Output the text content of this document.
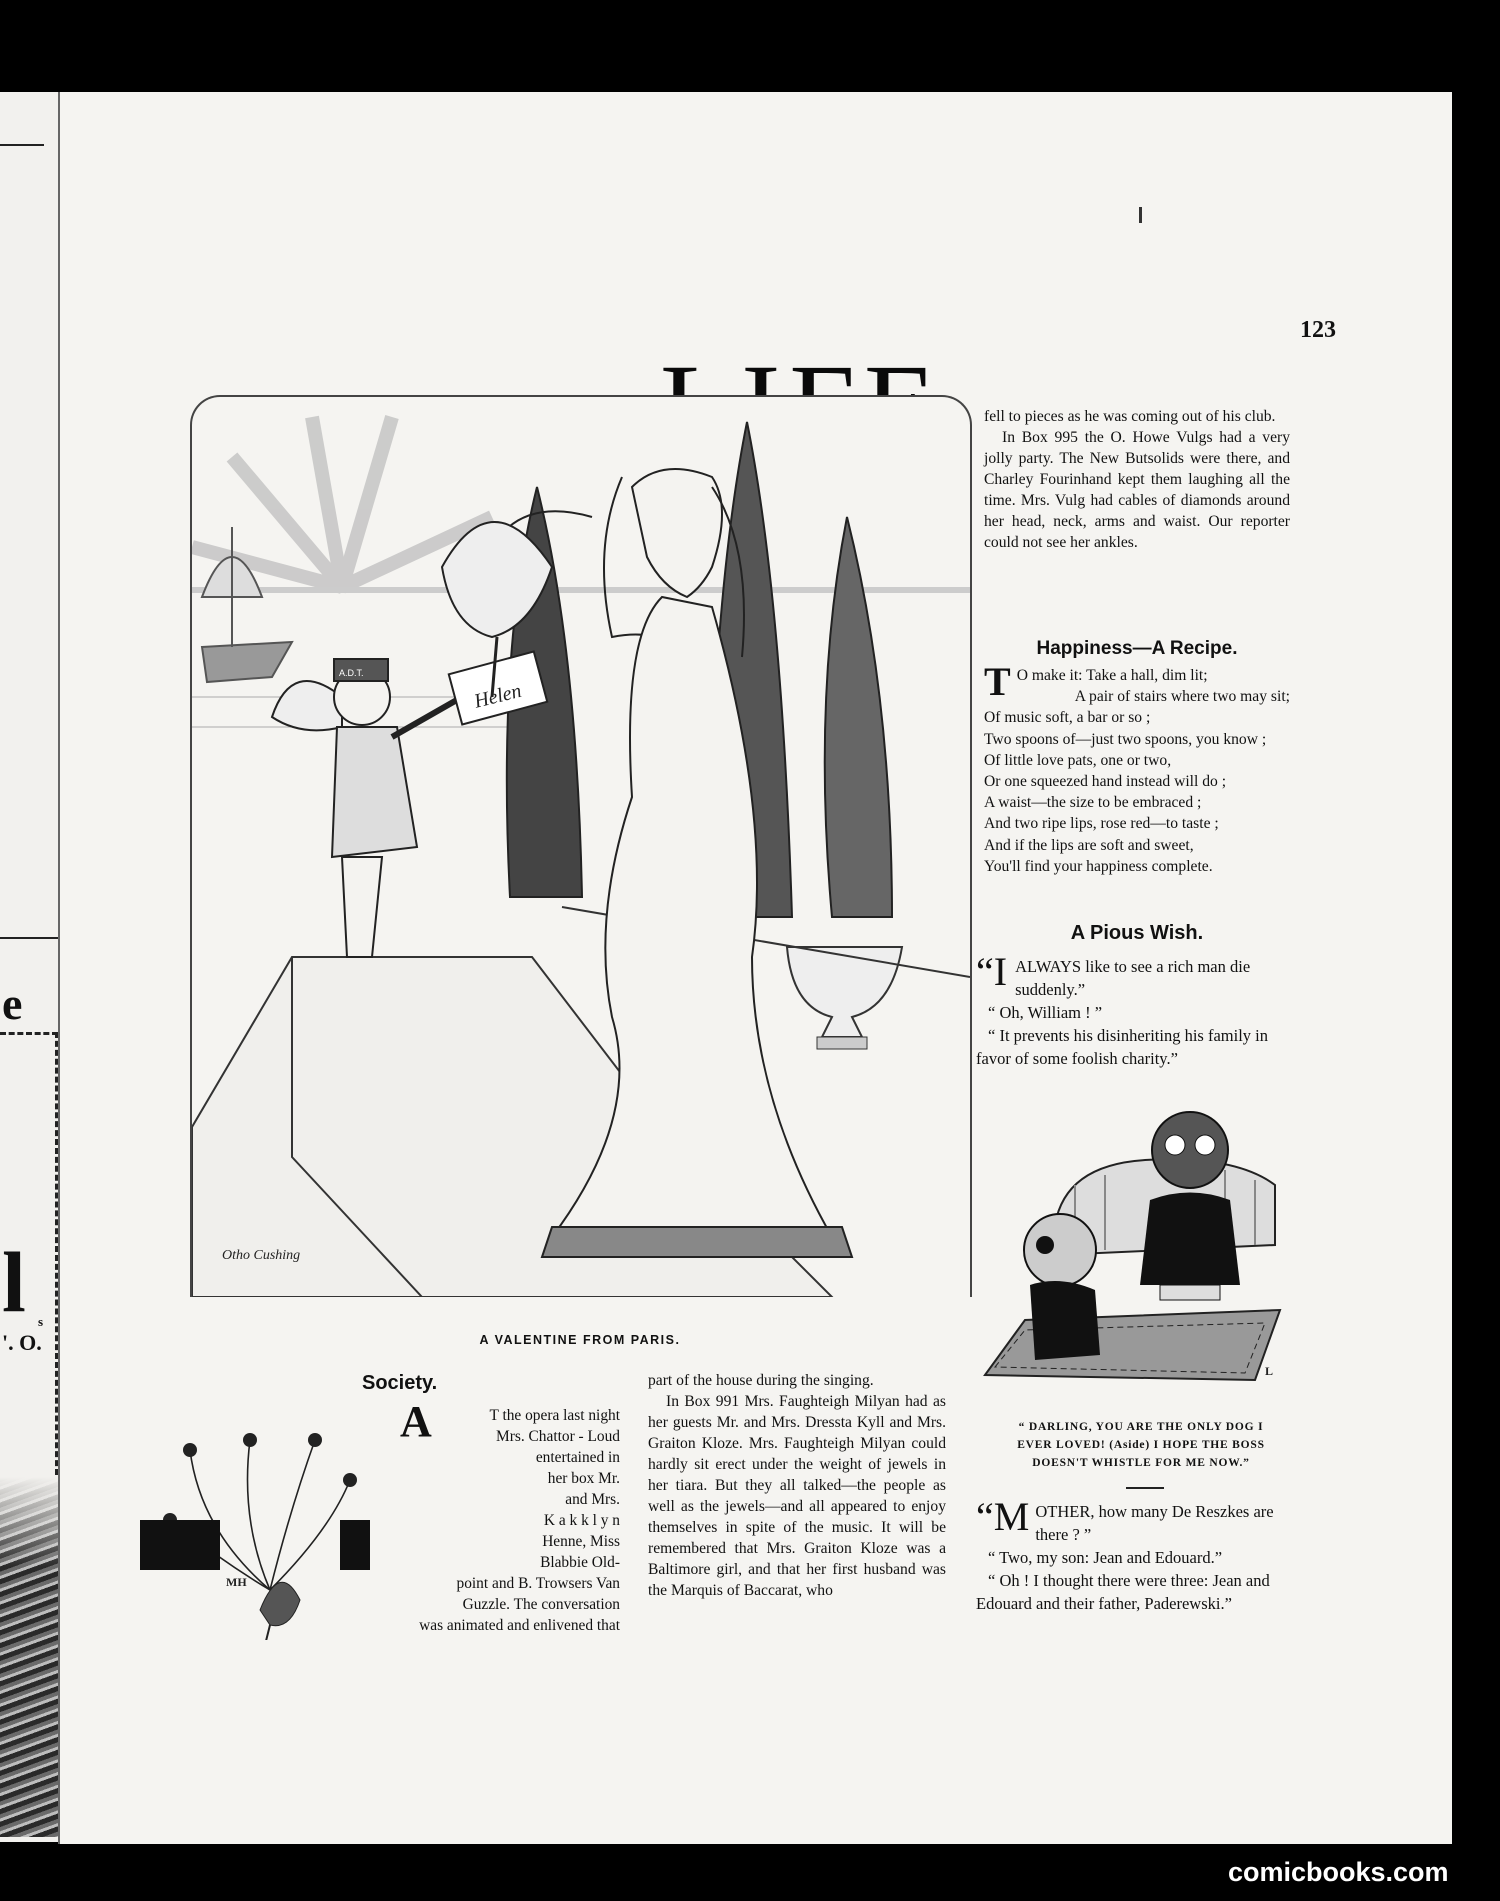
e
l s
'. O.
123
Helen
A.D.T.
Otho Cushing
A VALENTINE FROM PARIS.
Society.
MH
A	T the opera last night
Mrs. Chattor - Loud
entertained in
her box Mr.
and Mrs.
K a k k l y n
Henne, Miss
Blabbie Old-
point and B. Trowsers Van
Guzzle. The conversation
was animated and enlivened that

part of the house during the singing.

In Box 991 Mrs. Faughteigh Milyan had as her guests Mr. and Mrs. Dressta Kyll and Mrs. Graiton Kloze. Mrs. Faughteigh Milyan could hardly sit erect under the weight of jewels in her tiara. But they all talked—the people as well as the jewels—and all appeared to enjoy themselves in spite of the music. It will be remembered that Mrs. Graiton Kloze was a Baltimore girl, and that her first husband was the Marquis of Baccarat, who

fell to pieces as he was coming out of his club.

In Box 995 the O. Howe Vulgs had a very jolly party. The New Butsolids were there, and Charley Fourinhand kept them laughing all the time. Mrs. Vulg had cables of diamonds around her head, neck, arms and waist. Our reporter could not see her ankles.

Happiness—A Recipe.
T O make it: Take a hall, dim lit;

A pair of stairs where two may sit;

Of music soft, a bar or so ;

Two spoons of—just two spoons, you know ;

Of little love pats, one or two,

Or one squeezed hand instead will do ;

A waist—the size to be embraced ;

And two ripe lips, rose red—to taste ;

And if the lips are soft and sweet,

You'll find your happiness complete.

A Pious Wish.
“I ALWAYS like to see a rich man die suddenly.”

“ Oh, William ! ”

“ It prevents his disinheriting his family in favor of some foolish charity.”

L
“ DARLING, YOU ARE THE ONLY DOG I EVER LOVED! (Aside) I HOPE THE BOSS DOESN'T WHISTLE FOR ME NOW.”
“M OTHER, how many De Reszkes are there ? ”

“ Two, my son: Jean and Edouard.”

“ Oh ! I thought there were three: Jean and Edouard and their father, Paderewski.”

comicbooks.com
